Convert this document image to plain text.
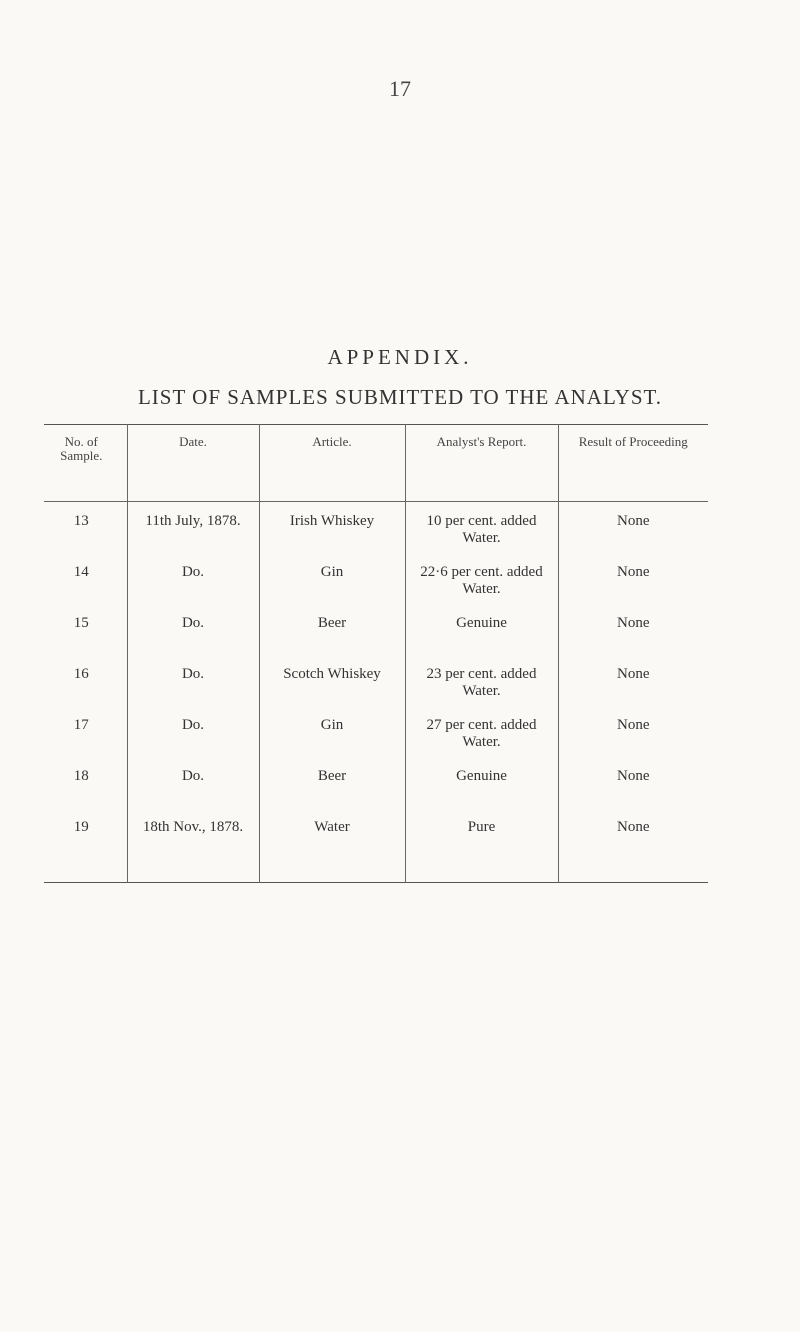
17
APPENDIX.
LIST OF SAMPLES SUBMITTED TO THE ANALYST.
No. of Sample.	Date.	Article.	Analyst's Report.	Result of Proceeding
13	11th July, 1878.	Irish Whiskey	10 per cent. added Water.	None
14	Do.	Gin	22·6 per cent. added Water.	None
15	Do.	Beer	Genuine	None
16	Do.	Scotch Whiskey	23 per cent. added Water.	None
17	Do.	Gin	27 per cent. added Water.	None
18	Do.	Beer	Genuine	None
19	18th Nov., 1878.	Water	Pure	None
